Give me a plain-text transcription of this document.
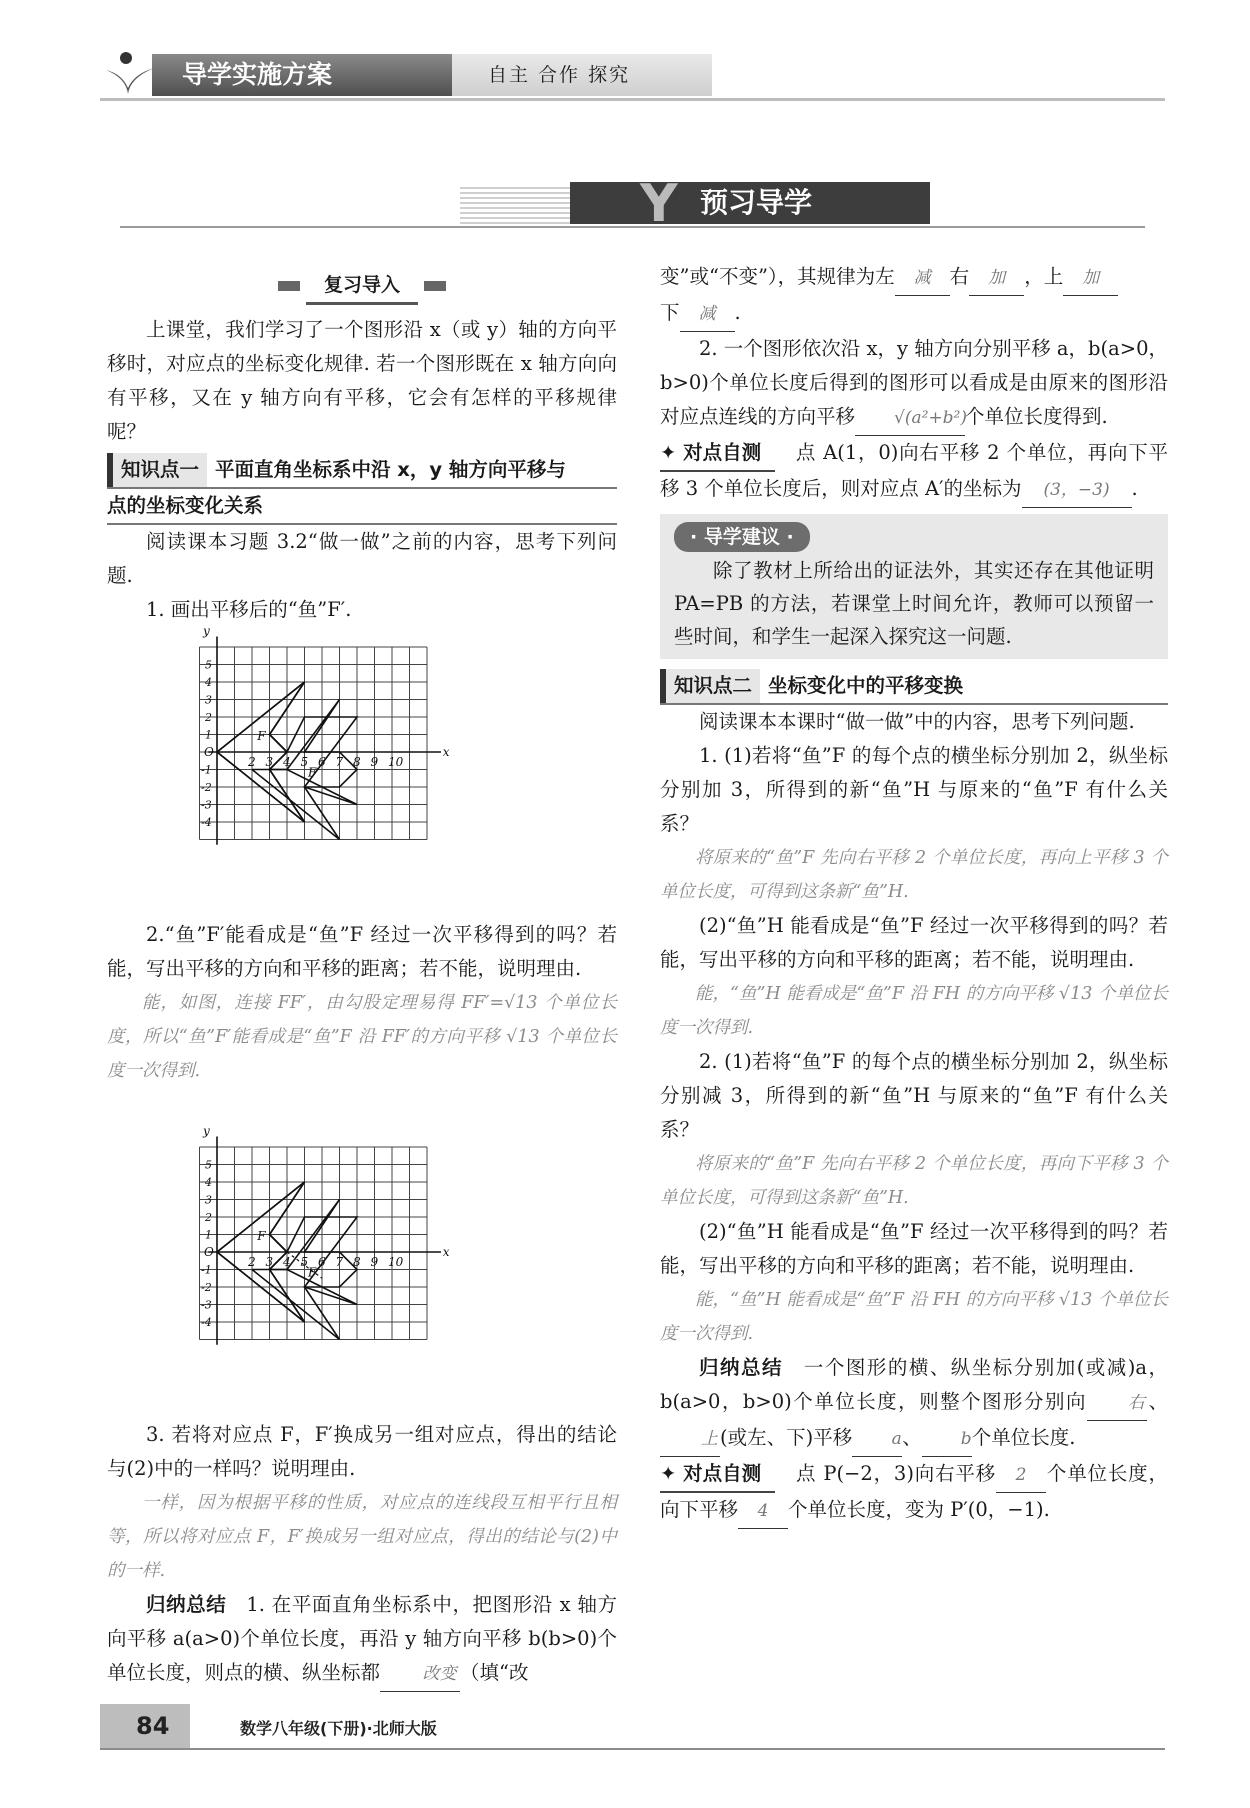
导学实施方案	自主 合作 探究
预习导学
Y
复习导入

上课堂，我们学习了一个图形沿 x（或 y）轴的方向平移时，对应点的坐标变化规律. 若一个图形既在 x 轴方向向有平移，又在 y 轴方向有平移，它会有怎样的平移规律呢？

知识点一 平面直角坐标系中沿 x，y 轴方向平移与
点的坐标变化关系

阅读课本习题 3.2“做一做”之前的内容，思考下列问题.

1. 画出平移后的“鱼”F′.

x
y
O
2 3 4 5 6 7 8 9 10
1
2
3
4
5
-1
-2
-3
-4
F
F′

2.“鱼”F′能看成是“鱼”F 经过一次平移得到的吗？若能，写出平移的方向和平移的距离；若不能，说明理由.

能，如图，连接 FF′，由勾股定理易得 FF′=√13 个单位长度，所以“鱼”F′能看成是“鱼”F 沿 FF′的方向平移 √13 个单位长度一次得到.

x
y
O
2 3 4 5 6 7 8 9 10
1
2
3
4
5
-1
-2
-3
-4
F
F′

3. 若将对应点 F，F′换成另一组对应点，得出的结论与(2)中的一样吗？说明理由.

一样，因为根据平移的性质，对应点的连线段互相平行且相等，所以将对应点 F，F′换成另一组对应点，得出的结论与(2)中的一样.

归纳总结　 1. 在平面直角坐标系中，把图形沿 x 轴方向平移 a(a>0)个单位长度，再沿 y 轴方向平移 b(b>0)个单位长度，则点的横、纵坐标都	改变 （填“改

变”或“不变”），其规律为左 减 右 加 ，上 加
下 减 .

2. 一个图形依次沿 x，y 轴方向分别平移 a，b(a>0，b>0)个单位长度后得到的图形可以看成是由原来的图形沿对应点连线的方向平移 √(a²+b²)个单位长度得到.

✦ 对点自测 点 A(1，0)向右平移 2 个单位，再向下平移 3 个单位长度后，则对应点 A′的坐标为 (3，−3) .

· 导学建议 ·

除了教材上所给出的证法外，其实还存在其他证明 PA=PB 的方法，若课堂上时间允许，教师可以预留一些时间，和学生一起深入探究这一问题.

知识点二 坐标变化中的平移变换

阅读课本本课时“做一做”中的内容，思考下列问题.

1. (1)若将“鱼”F 的每个点的横坐标分别加 2，纵坐标分别加 3，所得到的新“鱼”H 与原来的“鱼”F 有什么关系？

将原来的“鱼”F 先向右平移 2 个单位长度，再向上平移 3 个单位长度，可得到这条新“鱼”H.

(2)“鱼”H 能看成是“鱼”F 经过一次平移得到的吗？若能，写出平移的方向和平移的距离；若不能，说明理由.

能，“鱼”H 能看成是“鱼”F 沿 FH 的方向平移 √13 个单位长度一次得到.

2. (1)若将“鱼”F 的每个点的横坐标分别加 2，纵坐标分别减 3，所得到的新“鱼”H 与原来的“鱼”F 有什么关系？

将原来的“鱼”F 先向右平移 2 个单位长度，再向下平移 3 个单位长度，可得到这条新“鱼”H.

(2)“鱼”H 能看成是“鱼”F 经过一次平移得到的吗？若能，写出平移的方向和平移的距离；若不能，说明理由.

能，“鱼”H 能看成是“鱼”F 沿 FH 的方向平移 √13 个单位长度一次得到.

归纳总结　 一个图形的横、纵坐标分别加(或减)a，b(a>0，b>0)个单位长度，则整个图形分别向 右 、上 (或左、下)平移 a、 b个单位长度.

✦ 对点自测 点 P(−2，3)向右平移 2 个单位长度，向下平移 4 个单位长度，变为 P′(0，−1).

84	数学八年级(下册)·北师大版
